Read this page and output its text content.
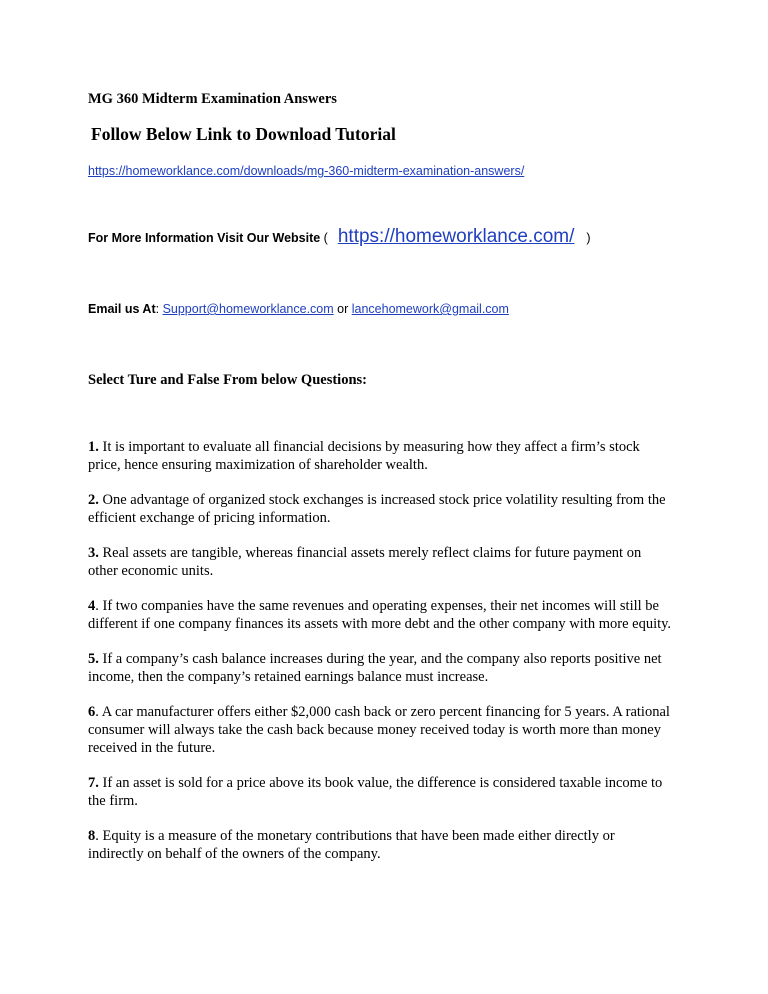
MG 360 Midterm Examination Answers
Follow Below Link to Download Tutorial
https://homeworklance.com/downloads/mg-360-midterm-examination-answers/
For More Information Visit Our Website ( https://homeworklance.com/ )
Email us At: Support@homeworklance.com or lancehomework@gmail.com
Select Ture and False From below Questions:

1. It is important to evaluate all financial decisions by measuring how they affect a firm’s stock price, hence ensuring maximization of shareholder wealth.

2. One advantage of organized stock exchanges is increased stock price volatility resulting from the efficient exchange of pricing information.

3. Real assets are tangible, whereas financial assets merely reflect claims for future payment on other economic units.

4. If two companies have the same revenues and operating expenses, their net incomes will still be different if one company finances its assets with more debt and the other company with more equity.

5. If a company’s cash balance increases during the year, and the company also reports positive net income, then the company’s retained earnings balance must increase.

6. A car manufacturer offers either $2,000 cash back or zero percent financing for 5 years. A rational consumer will always take the cash back because money received today is worth more than money received in the future.

7. If an asset is sold for a price above its book value, the difference is considered taxable income to the firm.

8. Equity is a measure of the monetary contributions that have been made either directly or indirectly on behalf of the owners of the company.
